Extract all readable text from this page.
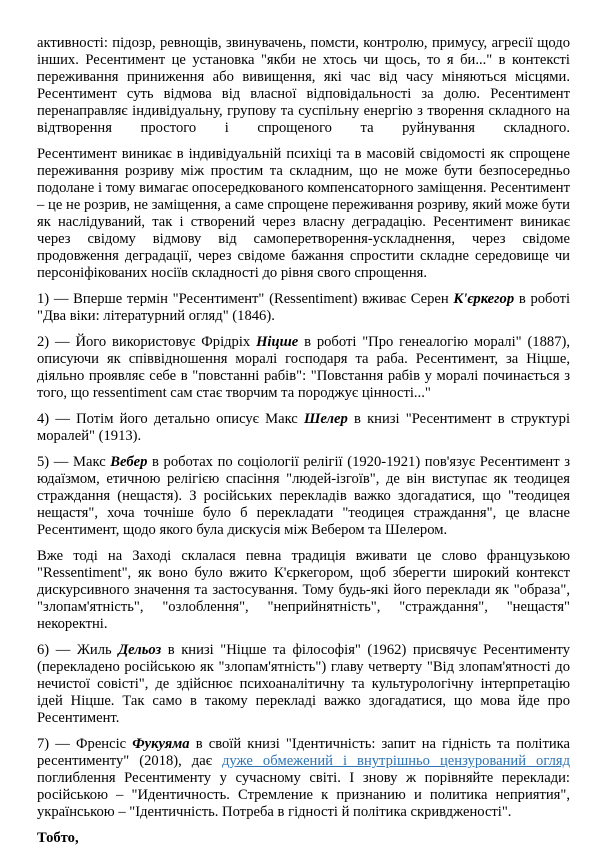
активності: підозр, ревнощів, звинувачень, помсти, контролю, примусу, агресії щодо інших. Ресентимент це установка "якби не хтось чи щось, то я би..." в контексті переживання приниження або вивищення, які час від часу міняються місцями. Ресентимент суть відмова від власної відповідальності за долю. Ресентимент перенаправляє індивідуальну, групову та суспільну енергію з творення складного на відтворення простого і спрощеного та руйнування складного.

Ресентимент виникає в індивідуальній психіці та в масовій свідомості як спрощене переживання розриву між простим та складним, що не може бути безпосередньо подолане і тому вимагає опосередкованого компенсаторного заміщення. Ресентимент – це не розрив, не заміщення, а саме спрощене переживання розриву, який може бути як наслідуваний, так і створений через власну деградацію. Ресентимент виникає через свідому відмову від самоперетворення-ускладнення, через свідоме продовження деградації, через свідоме бажання спростити складне середовище чи персоніфікованих носіїв складності до рівня свого спрощення.

1) — Вперше термін "Ресентимент" (Ressentiment) вживає Серен К'єркегор в роботі "Два віки: літературний огляд" (1846).

2) — Його використовує Фрідріх Ніцше в роботі "Про генеалогію моралі" (1887), описуючи як співвідношення моралі господаря та раба. Ресентимент, за Ніцше, діяльно проявляє себе в "повстанні рабів": "Повстання рабів у моралі починається з того, що ressentiment сам стає творчим та породжує цінності..."

4) — Потім його детально описує Макс Шелер в книзі "Ресентимент в структурі моралей" (1913).

5) — Макс Вебер в роботах по соціології релігії (1920-1921) пов'язує Ресентимент з юдаїзмом, етичною релігією спасіння "людей-ізгоїв", де він виступає як теодицея страждання (нещастя). З російських перекладів важко здогадатися, що "теодицея нещастя", хоча точніше було б перекладати "теодицея страждання", це власне Ресентимент, щодо якого була дискусія між Вебером та Шелером.

Вже тоді на Заході склалася певна традиція вживати це слово французькою "Ressentiment", як воно було вжито К'єркегором, щоб зберегти широкий контекст дискурсивного значення та застосування. Тому будь-які його переклади як "образа", "злопам'ятність", "озлоблення", "неприйнятність", "страждання", "нещастя" некоректні.

6) — Жиль Дельоз в книзі "Ніцше та філософія" (1962) присвячує Ресентименту (перекладено російською як "злопам'ятність") главу четверту "Від злопам'ятності до нечистої совісті", де здійснює психоаналітичну та культурологічну інтерпретацію ідей Ніцше. Так само в такому перекладі важко здогадатися, що мова йде про Ресентимент.

7) — Френсіс Фукуяма в своїй книзі "Ідентичність: запит на гідність та політика ресентименту" (2018), дає дуже обмежений і внутрішньо цензурований огляд поглиблення Ресентименту у сучасному світі. І знову ж порівняйте переклади: російською – "Идентичность. Стремление к признанию и политика неприятия", українською – "Ідентичність. Потреба в гідності й політика скривдженості".

Тобто,
